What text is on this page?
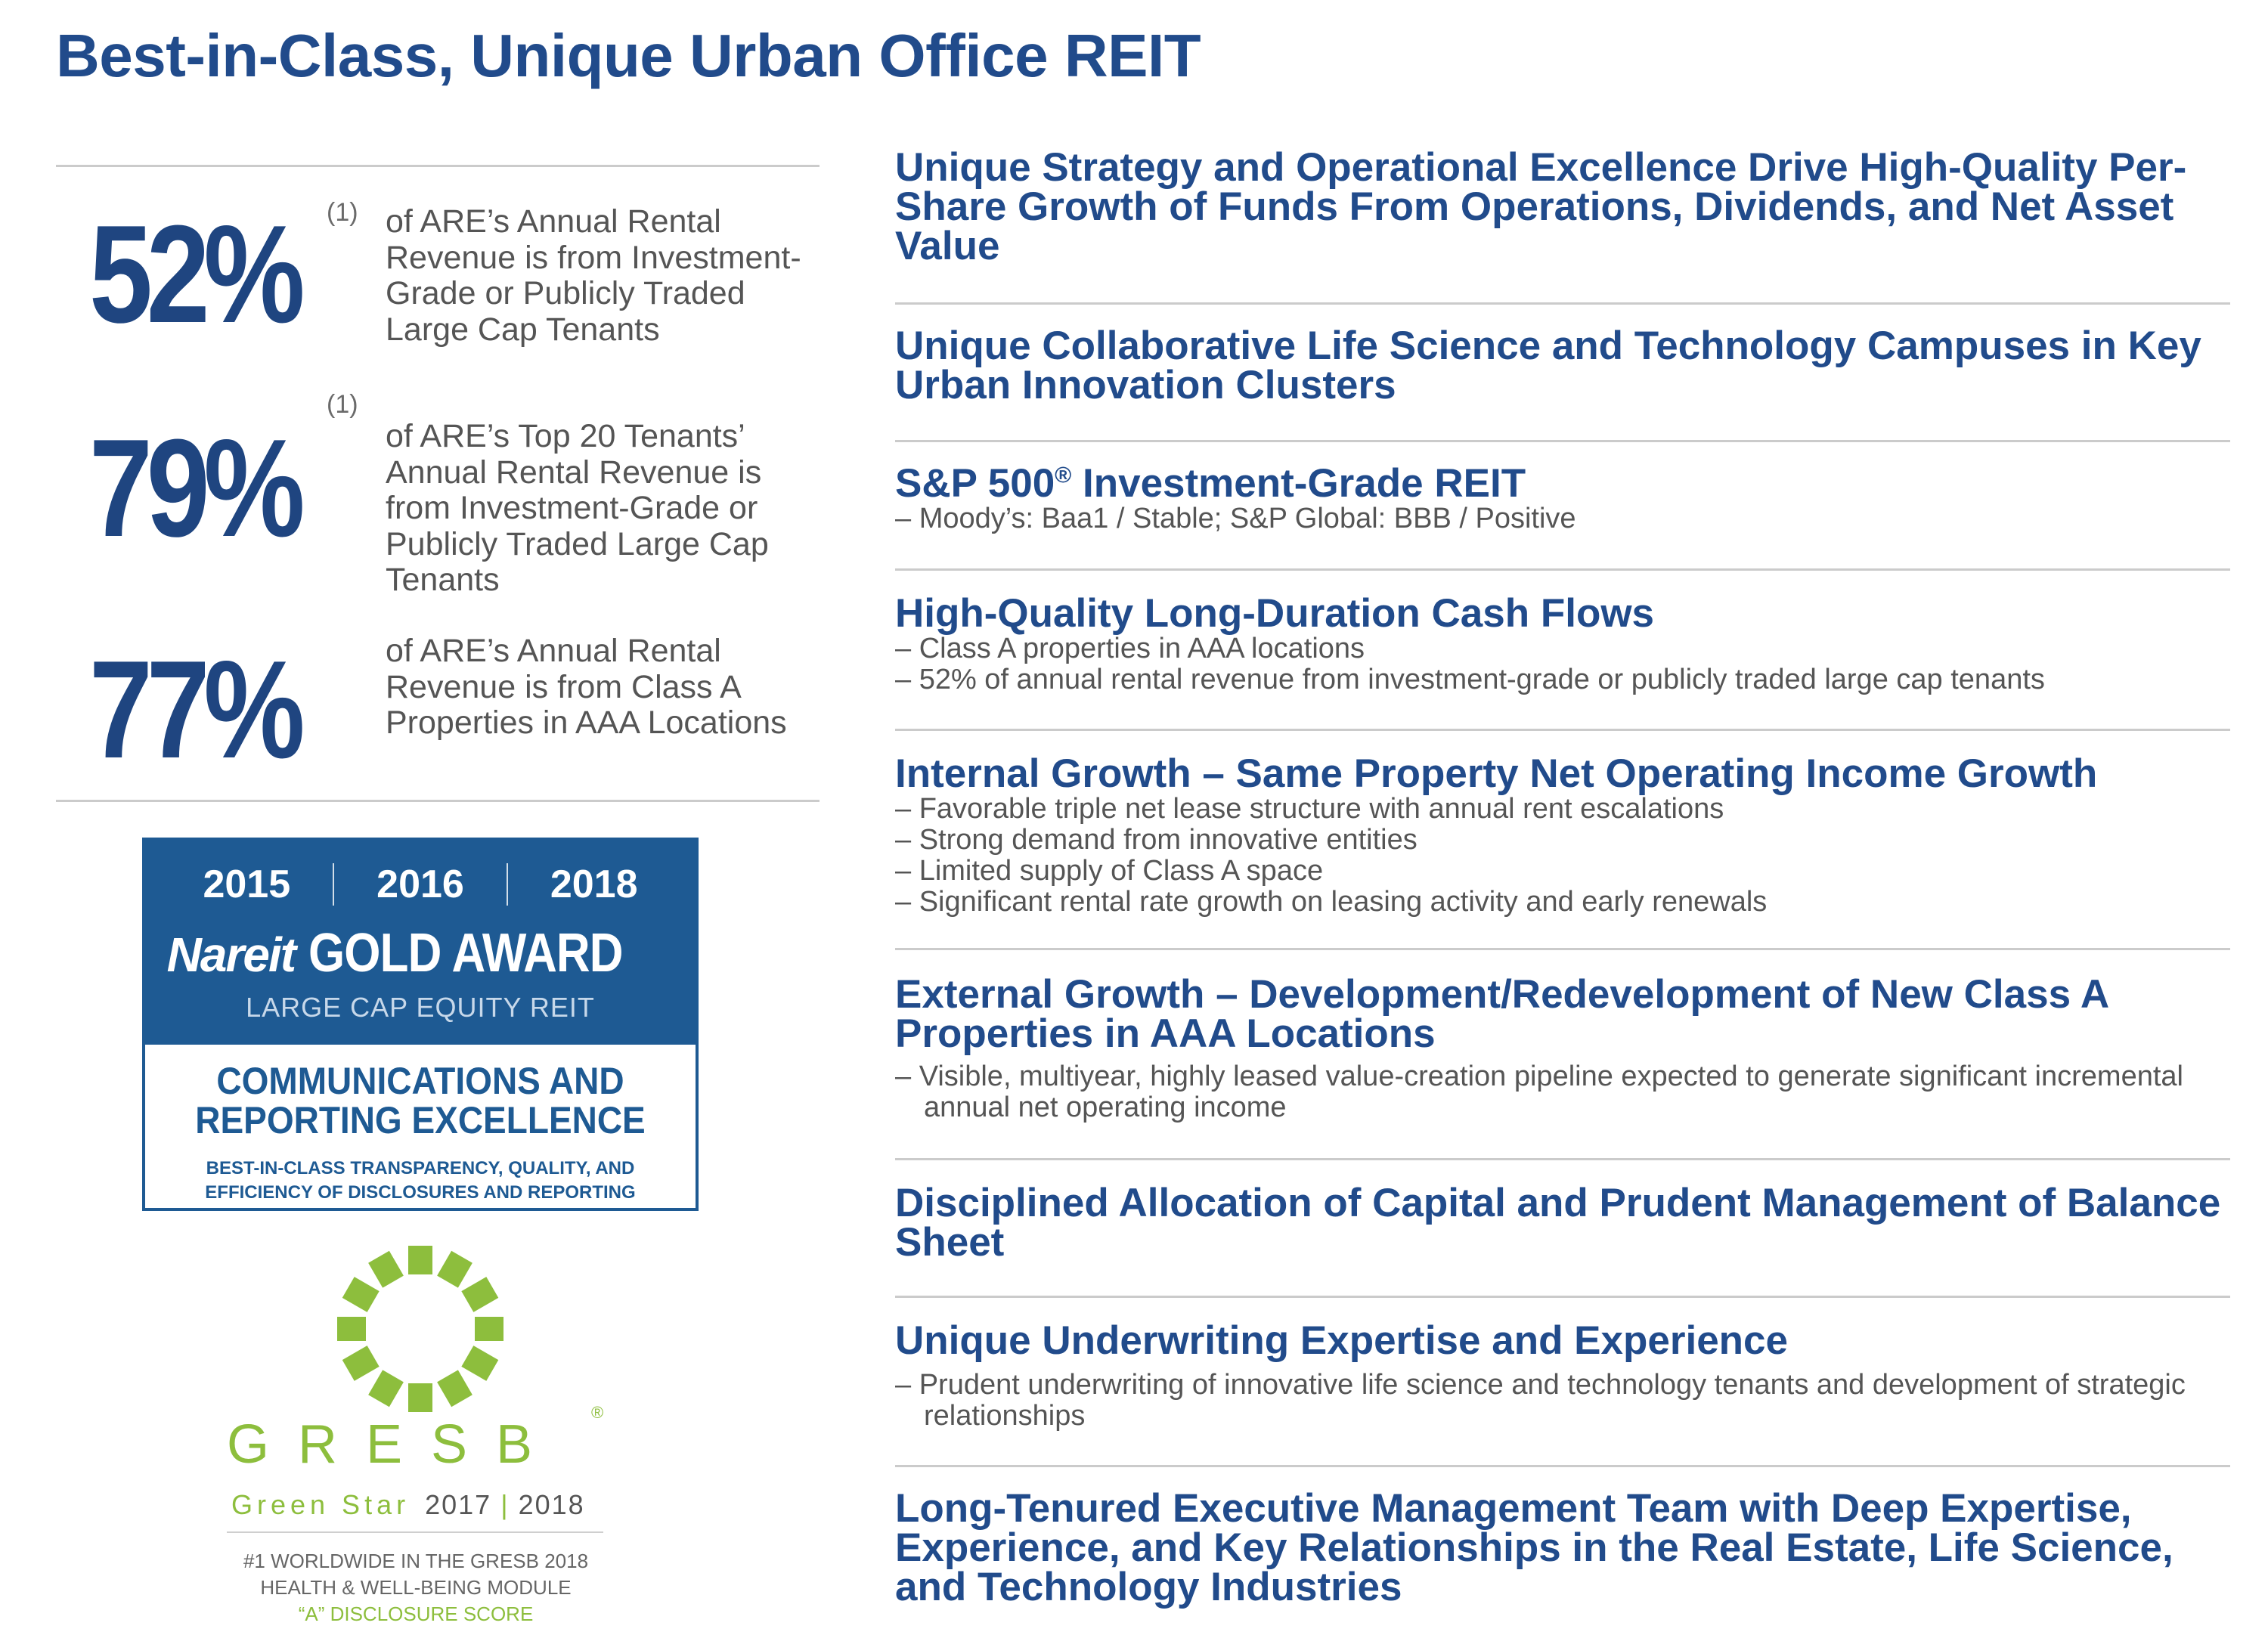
Best-in-Class, Unique Urban Office REIT
52% (1) of ARE’s Annual Rental Revenue is from Investment-Grade or Publicly Traded Large Cap Tenants
79%
(1)
of ARE’s Top 20 Tenants’ Annual Rental Revenue is from Investment-Grade or Publicly Traded Large Cap Tenants
77%	of ARE’s Annual Rental Revenue is from Class A Properties in AAA Locations
2015 2016 2018
Nareit GOLD AWARD
LARGE CAP EQUITY REIT
COMMUNICATIONS AND
REPORTING EXCELLENCE
BEST-IN-CLASS TRANSPARENCY, QUALITY, AND
EFFICIENCY OF DISCLOSURES AND REPORTING
GRESB
®
Green Star 2017 | 2018
#1 WORLDWIDE IN THE GRESB 2018
HEALTH & WELL-BEING MODULE
“A” DISCLOSURE SCORE
Unique Strategy and Operational Excellence Drive High-Quality Per-Share Growth of Funds From Operations, Dividends, and Net Asset Value
Unique Collaborative Life Science and Technology Campuses in Key Urban Innovation Clusters
S&P 500® Investment-Grade REIT
– Moody’s: Baa1 / Stable; S&P Global: BBB / Positive
High-Quality Long-Duration Cash Flows
– Class A properties in AAA locations
– 52% of annual rental revenue from investment-grade or publicly traded large cap tenants
Internal Growth – Same Property Net Operating Income Growth
– Favorable triple net lease structure with annual rent escalations
– Strong demand from innovative entities
– Limited supply of Class A space
– Significant rental rate growth on leasing activity and early renewals
External Growth – Development/Redevelopment of New Class A Properties in AAA Locations
– Visible, multiyear, highly leased value-creation pipeline expected to generate significant incremental annual net operating income
Disciplined Allocation of Capital and Prudent Management of Balance Sheet
Unique Underwriting Expertise and Experience
– Prudent underwriting of innovative life science and technology tenants and development of strategic relationships
Long-Tenured Executive Management Team with Deep Expertise, Experience, and Key Relationships in the Real Estate, Life Science, and Technology Industries
